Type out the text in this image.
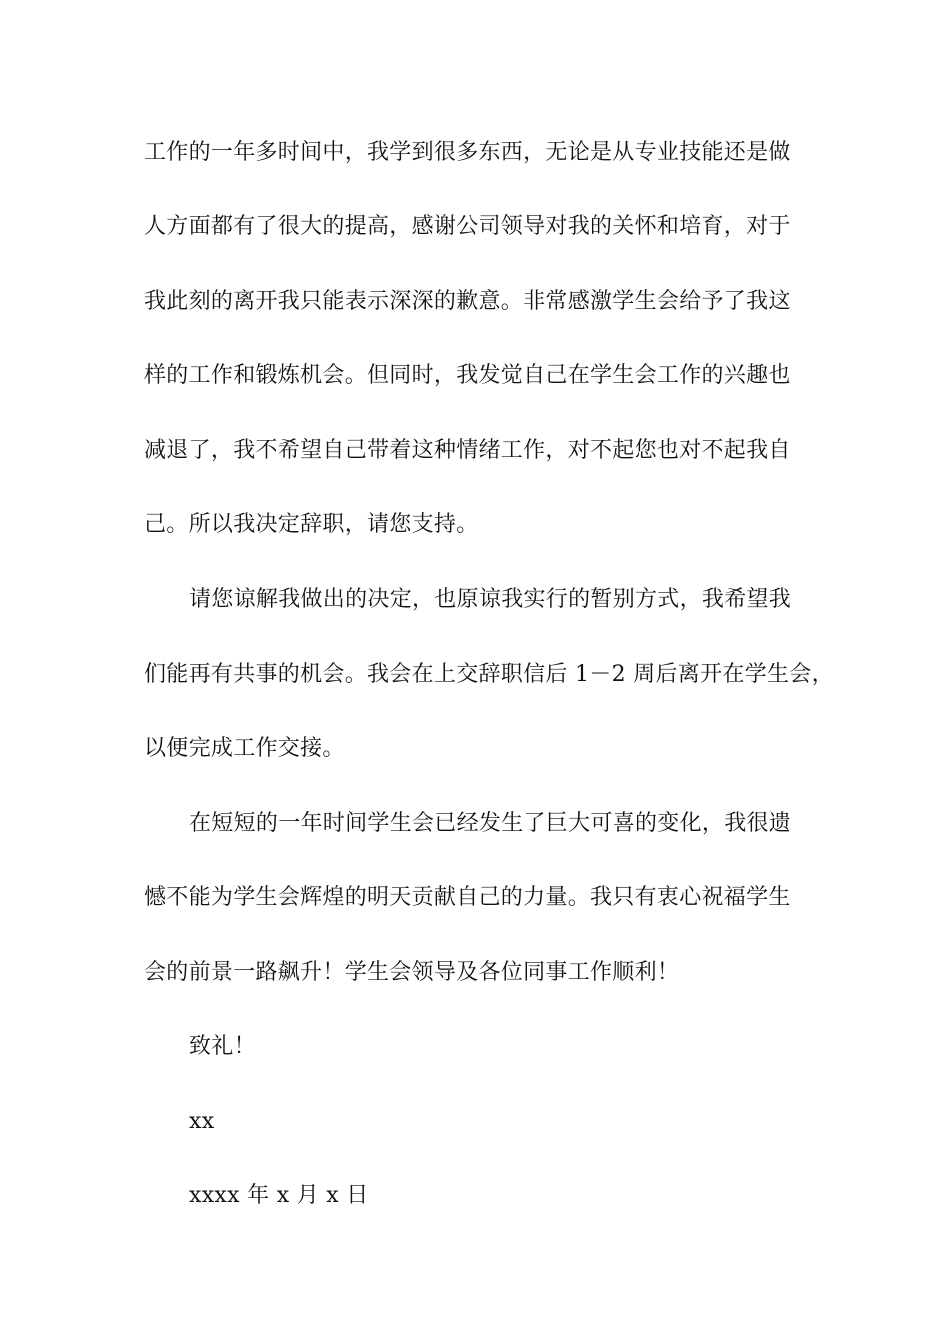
工作的一年多时间中，我学到很多东西，无论是从专业技能还是做
人方面都有了很大的提高，感谢公司领导对我的关怀和培育，对于
我此刻的离开我只能表示深深的歉意。非常感激学生会给予了我这
样的工作和锻炼机会。但同时，我发觉自己在学生会工作的兴趣也
减退了，我不希望自己带着这种情绪工作，对不起您也对不起我自
己。所以我决定辞职，请您支持。
请您谅解我做出的决定，也原谅我实行的暂别方式，我希望我
们能再有共事的机会。我会在上交辞职信后 1－2 周后离开在学生会，
以便完成工作交接。
在短短的一年时间学生会已经发生了巨大可喜的变化，我很遗
憾不能为学生会辉煌的明天贡献自己的力量。我只有衷心祝福学生
会的前景一路飙升！学生会领导及各位同事工作顺利！
致礼！
xx
xxxx 年 x 月 x 日
